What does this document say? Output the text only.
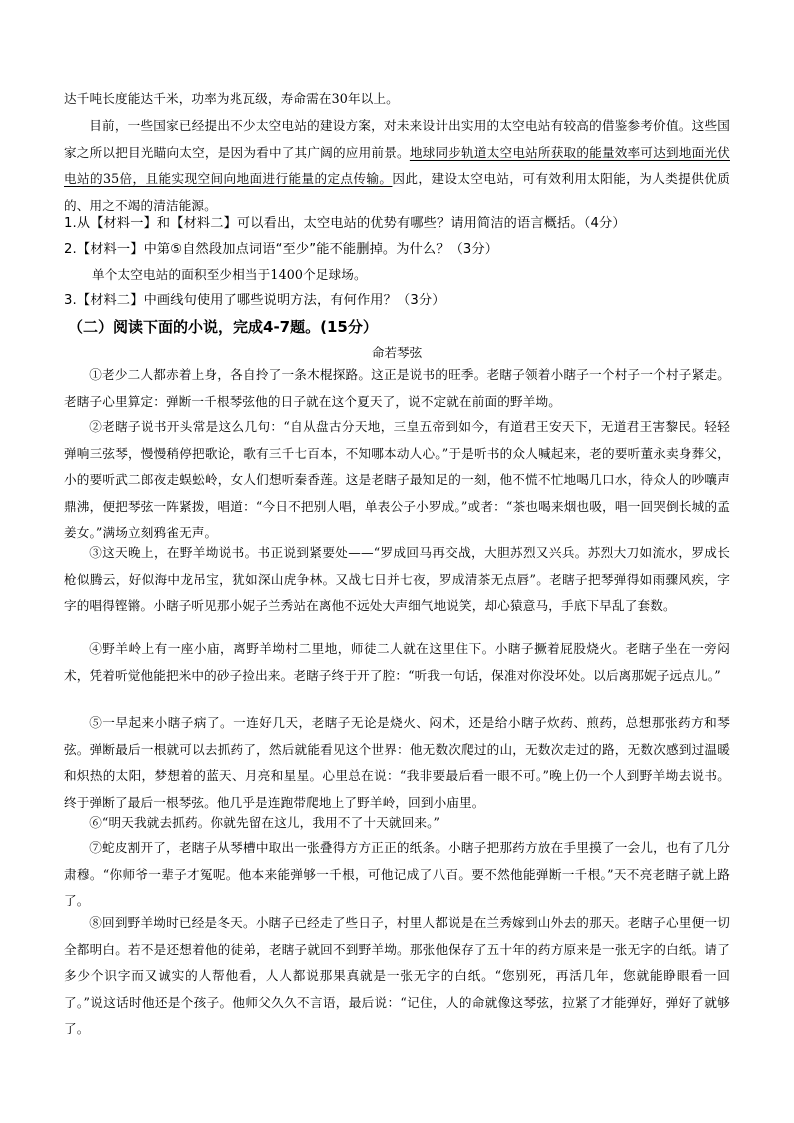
达千吨长度能达千米，功率为兆瓦级，寿命需在30年以上。
目前，一些国家已经提出不少太空电站的建设方案，对未来设计出实用的太空电站有较高的借鉴参考价值。这些国家之所以把目光瞄向太空，是因为看中了其广阔的应用前景。地球同步轨道太空电站所获取的能量效率可达到地面光伏电站的35倍，且能实现空间向地面进行能量的定点传输。因此，建设太空电站，可有效利用太阳能，为人类提供优质的、用之不竭的清洁能源。
1.从【材料一】和【材料二】可以看出，太空电站的优势有哪些？请用简洁的语言概括。（4分）
2.【材料一】中第⑤自然段加点词语“至少”能不能删掉。为什么？（3分）
单个太空电站的面积至少相当于1400个足球场。
3.【材料二】中画线句使用了哪些说明方法，有何作用？（3分）
（二）阅读下面的小说，完成4-7题。(15分）
命若琴弦
①老少二人都赤着上身，各自拎了一条木棍探路。这正是说书的旺季。老瞎子领着小瞎子一个村子一个村子紧走。老瞎子心里算定：弹断一千根琴弦他的日子就在这个夏天了，说不定就在前面的野羊坳。
②老瞎子说书开头常是这么几句：“自从盘古分天地，三皇五帝到如今，有道君王安天下，无道君王害黎民。轻轻弹响三弦琴，慢慢稍停把歌论，歌有三千七百本，不知哪本动人心。”于是听书的众人喊起来，老的要听董永卖身葬父，小的要听武二郎夜走蜈蚣岭，女人们想听秦香莲。这是老瞎子最知足的一刻，他不慌不忙地喝几口水，待众人的吵嚷声鼎沸，便把琴弦一阵紧拨，唱道：“今日不把别人唱，单表公子小罗成。”或者：“茶也喝来烟也吸，唱一回哭倒长城的孟姜女。”满场立刻鸦雀无声。
③这天晚上，在野羊坳说书。书正说到紧要处——“罗成回马再交战，大胆苏烈又兴兵。苏烈大刀如流水，罗成长枪似腾云，好似海中龙吊宝，犹如深山虎争林。又战七日并七夜，罗成清茶无点唇”。老瞎子把琴弹得如雨骤风疾，字字的唱得铿锵。小瞎子听见那小妮子兰秀站在离他不远处大声细气地说笑，却心猿意马，手底下早乱了套数。
④野羊岭上有一座小庙，离野羊坳村二里地，师徒二人就在这里住下。小瞎子撅着屁股烧火。老瞎子坐在一旁闷术，凭着听觉他能把米中的砂子捡出来。老瞎子终于开了腔：“听我一句话，保准对你没坏处。以后离那妮子远点儿。”
⑤一早起来小瞎子病了。一连好几天，老瞎子无论是烧火、闷术，还是给小瞎子炊药、煎药，总想那张药方和琴弦。弹断最后一根就可以去抓药了，然后就能看见这个世界：他无数次爬过的山，无数次走过的路，无数次感到过温暖和炽热的太阳，梦想着的蓝天、月亮和星星。心里总在说：“我非要最后看一眼不可。”晚上仍一个人到野羊坳去说书。终于弹断了最后一根琴弦。他几乎是连跑带爬地上了野羊岭，回到小庙里。
⑥“明天我就去抓药。你就先留在这儿，我用不了十天就回来。”
⑦蛇皮割开了，老瞎子从琴槽中取出一张叠得方方正正的纸条。小瞎子把那药方放在手里摸了一会儿，也有了几分肃穆。“你师爷一辈子才冤呢。他本来能弹够一千根，可他记成了八百。要不然他能弹断一千根。”天不亮老瞎子就上路了。
⑧回到野羊坳时已经是冬天。小瞎子已经走了些日子，村里人都说是在兰秀嫁到山外去的那天。老瞎子心里便一切全都明白。若不是还想着他的徒弟，老瞎子就回不到野羊坳。那张他保存了五十年的药方原来是一张无字的白纸。请了多少个识字而又诚实的人帮他看，人人都说那果真就是一张无字的白纸。“您别死，再活几年，您就能睁眼看一回了。”说这话时他还是个孩子。他师父久久不言语，最后说：“记住，人的命就像这琴弦，拉紧了才能弹好，弹好了就够了。
